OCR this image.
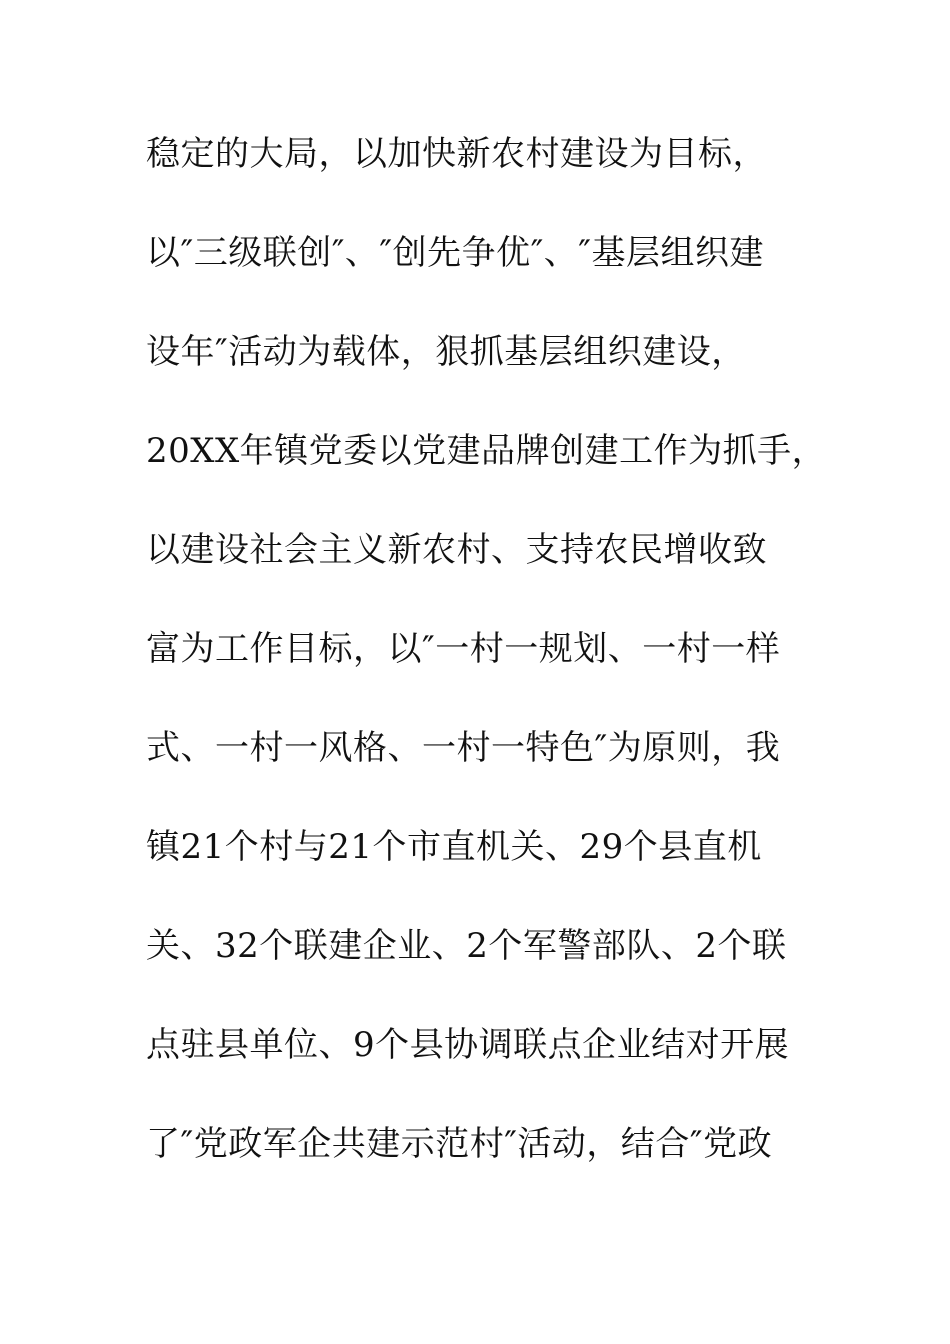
稳定的大局，以加快新农村建设为目标，
以″三级联创″、″创先争优″、″基层组织建
设年″活动为载体，狠抓基层组织建设，
20XX年镇党委以党建品牌创建工作为抓手，
以建设社会主义新农村、支持农民增收致
富为工作目标，以″一村一规划、一村一样
式、一村一风格、一村一特色″为原则，我
镇21个村与21个市直机关、29个县直机
关、32个联建企业、2个军警部队、2个联
点驻县单位、9个县协调联点企业结对开展
了″党政军企共建示范村″活动，结合″党政
